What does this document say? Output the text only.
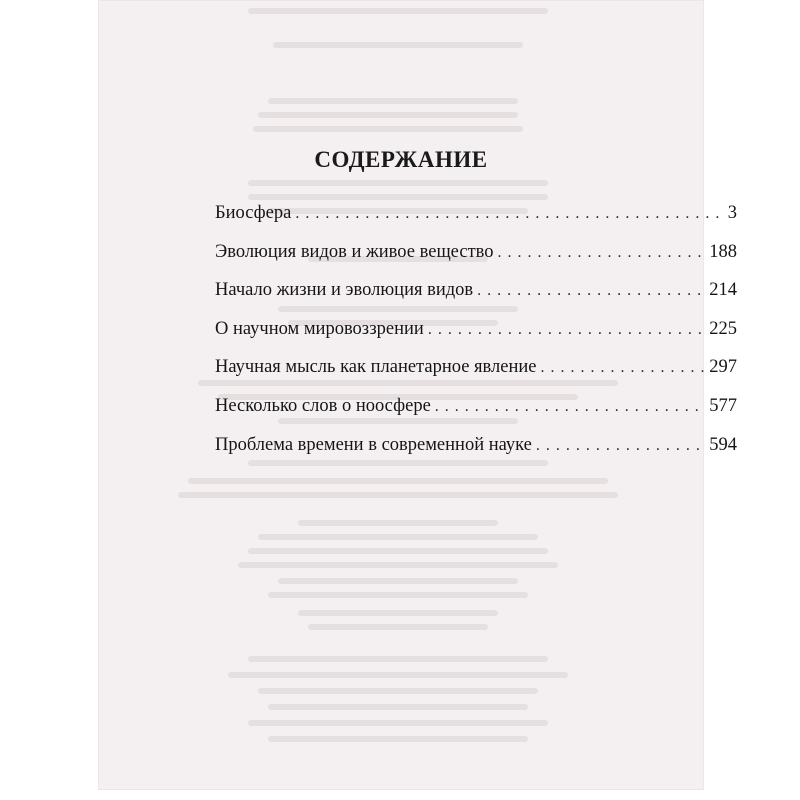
СОДЕРЖАНИЕ
Биосфера . . .	3
Эволюция видов и живое вещество . . .	188
Начало жизни и эволюция видов . . .	214
О научном мировоззрении . . .	225
Научная мысль как планетарное явление . . .	297
Несколько слов о ноосфере . . .	577
Проблема времени в современной науке . . .	594
